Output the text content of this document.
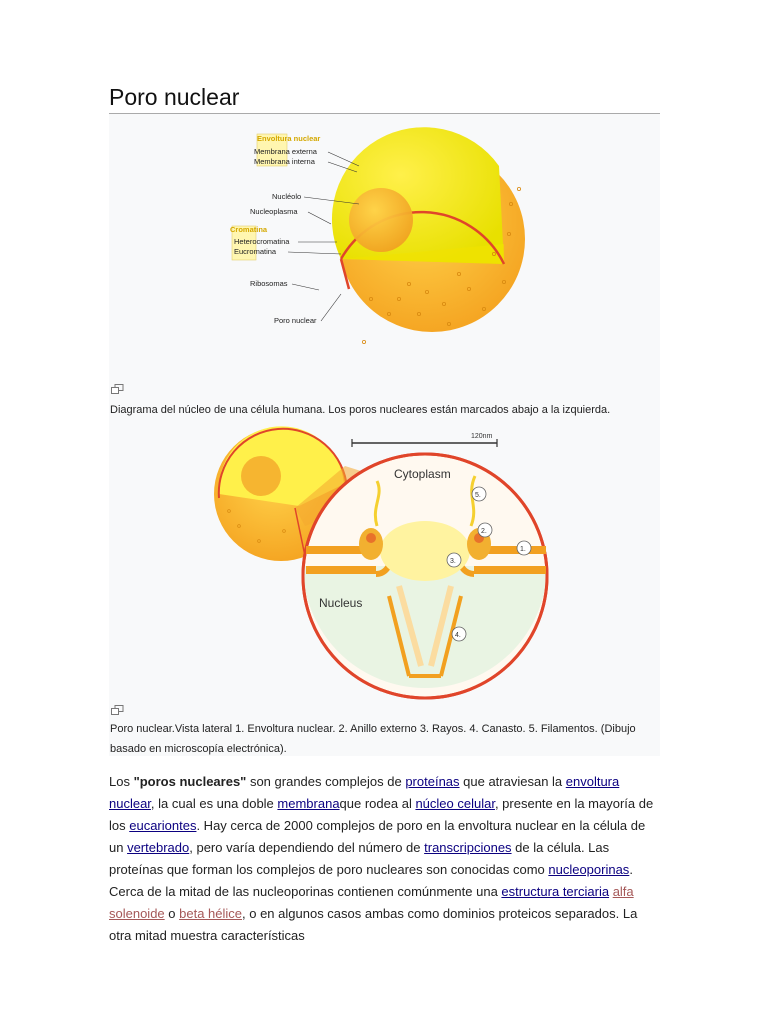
Poro nuclear
Envoltura nuclear
Membrana externa
Membrana interna
Nucléolo
Nucleoplasma
Cromatina
Heterocromatina
Eucromatina
Ribosomas
Poro nuclear

Diagrama del núcleo de una célula humana. Los poros nucleares están marcados abajo a la izquierda.

120nm
Cytoplasm
Nucleus
1.
2.
3.
4.
5.

Poro nuclear.Vista lateral 1. Envoltura nuclear. 2. Anillo externo 3. Rayos. 4. Canasto. 5. Filamentos. (Dibujo basado en microscopía electrónica).

Los "poros nucleares" son grandes complejos de proteínas que atraviesan la envoltura nuclear, la cual es una doble membranaque rodea al núcleo celular, presente en la mayoría de los eucariontes. Hay cerca de 2000 complejos de poro en la envoltura nuclear en la célula de un vertebrado, pero varía dependiendo del número de transcripciones de la célula. Las proteínas que forman los complejos de poro nucleares son conocidas como nucleoporinas. Cerca de la mitad de las nucleoporinas contienen comúnmente una estructura terciaria alfa solenoide o beta hélice, o en algunos casos ambas como dominios proteicos separados. La otra mitad muestra características
